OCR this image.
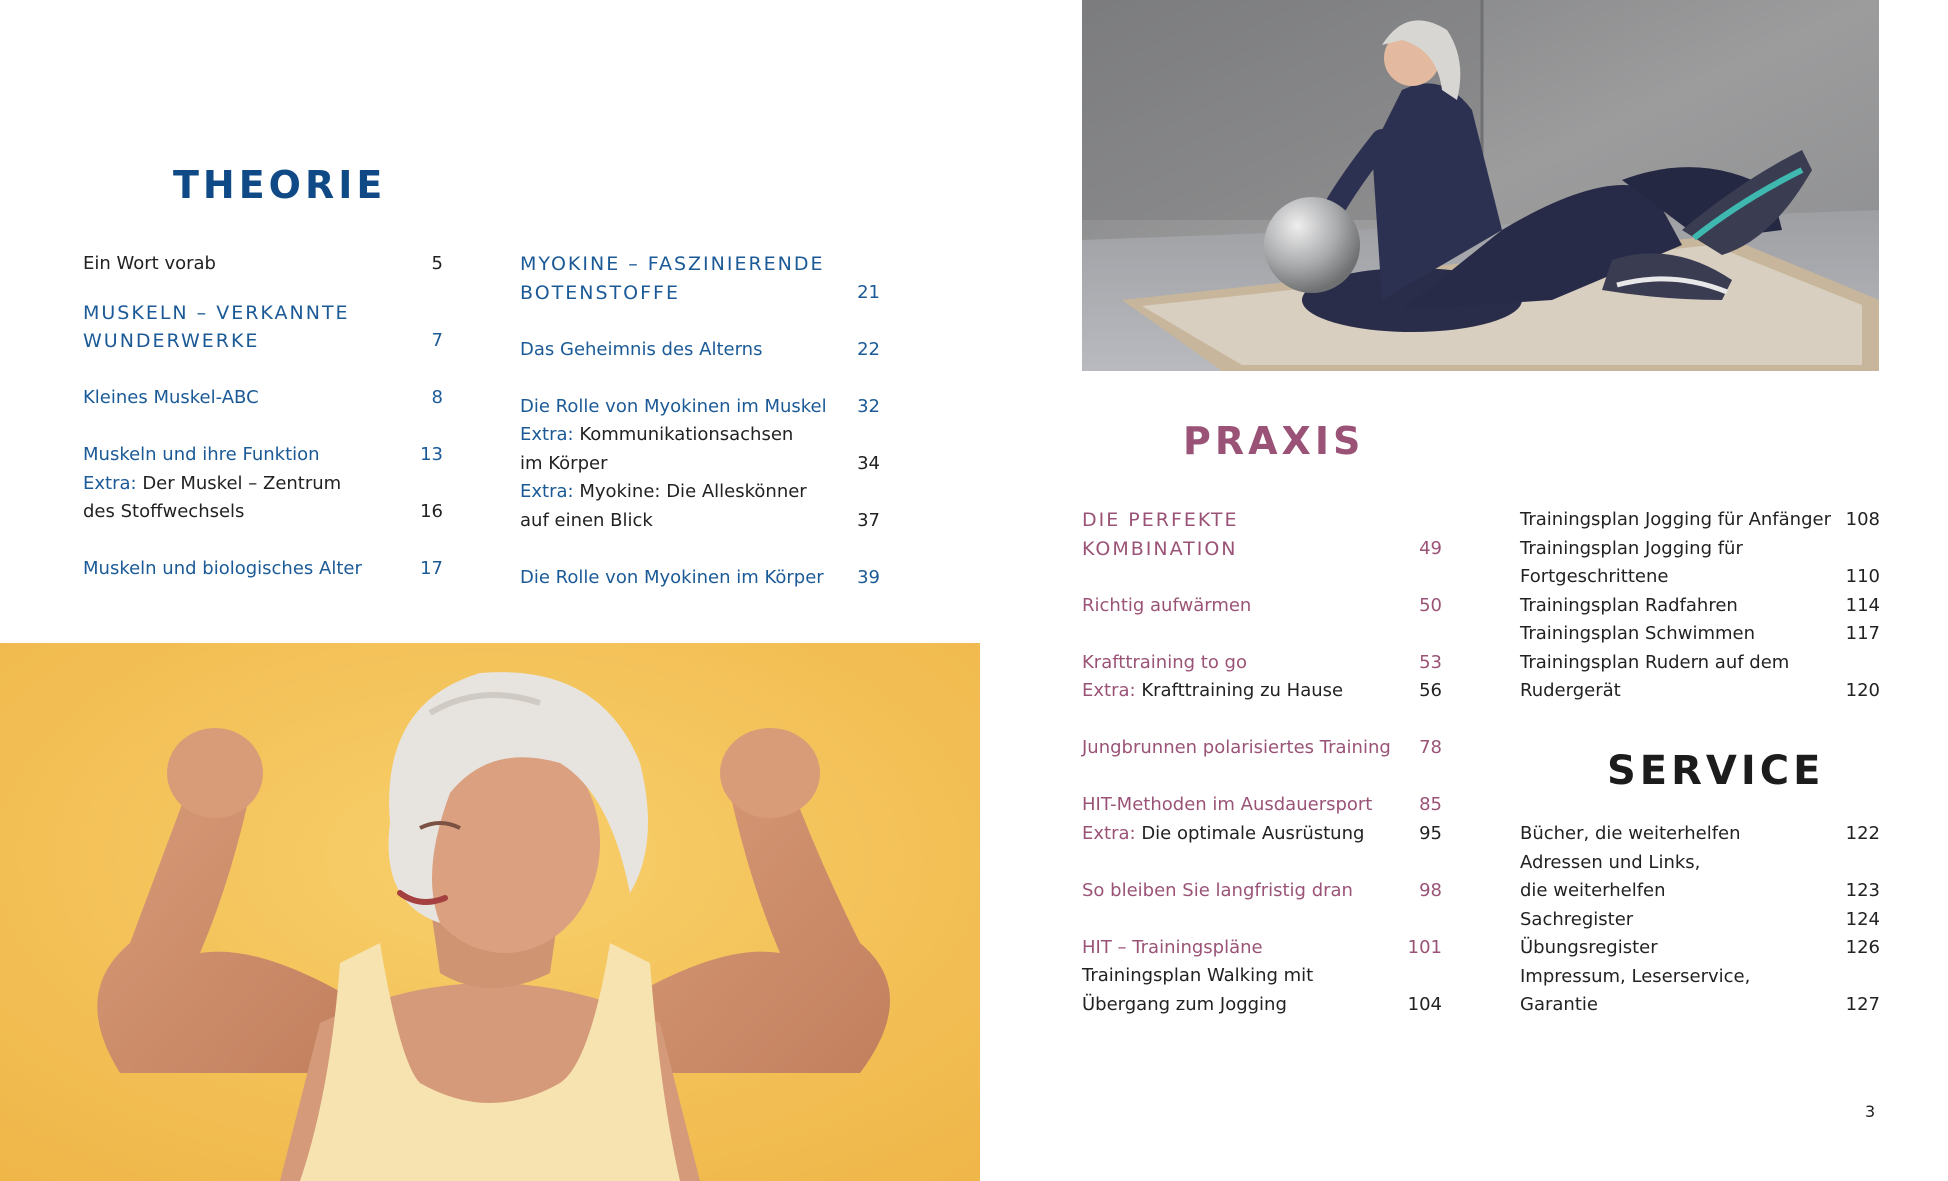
THEORIE
PRAXIS
SERVICE
Ein Wort vorab	5
MUSKELN – VERKANNTE
WUNDERWERKE	7
Kleines Muskel-ABC	8
Muskeln und ihre Funktion	13
Extra: Der Muskel – Zentrum
des Stoffwechsels	16
Muskeln und biologisches Alter	17
MYOKINE – FASZINIERENDE
BOTENSTOFFE	21
Das Geheimnis des Alterns	22
Die Rolle von Myokinen im Muskel 32
Extra: Kommunikationsachsen
im Körper	34
Extra: Myokine: Die Alleskönner
auf einen Blick	37
Die Rolle von Myokinen im Körper 39
DIE PERFEKTE
KOMBINATION	49
Richtig aufwärmen	50
Krafttraining to go	53
Extra: Krafttraining zu Hause	56
Jungbrunnen polarisiertes Training 78
HIT-Methoden im Ausdauersport	85
Extra: Die optimale Ausrüstung	95
So bleiben Sie langfristig dran	98
HIT – Trainingspläne	101
Trainingsplan Walking mit
Übergang zum Jogging	104
Trainingsplan Jogging für Anfänger 108
Trainingsplan Jogging für
Fortgeschrittene	110
Trainingsplan Radfahren	114
Trainingsplan Schwimmen	117
Trainingsplan Rudern auf dem
Rudergerät	120
Bücher, die weiterhelfen	122
Adressen und Links,
die weiterhelfen	123
Sachregister	124
Übungsregister	126
Impressum, Leserservice,
Garantie	127
3
